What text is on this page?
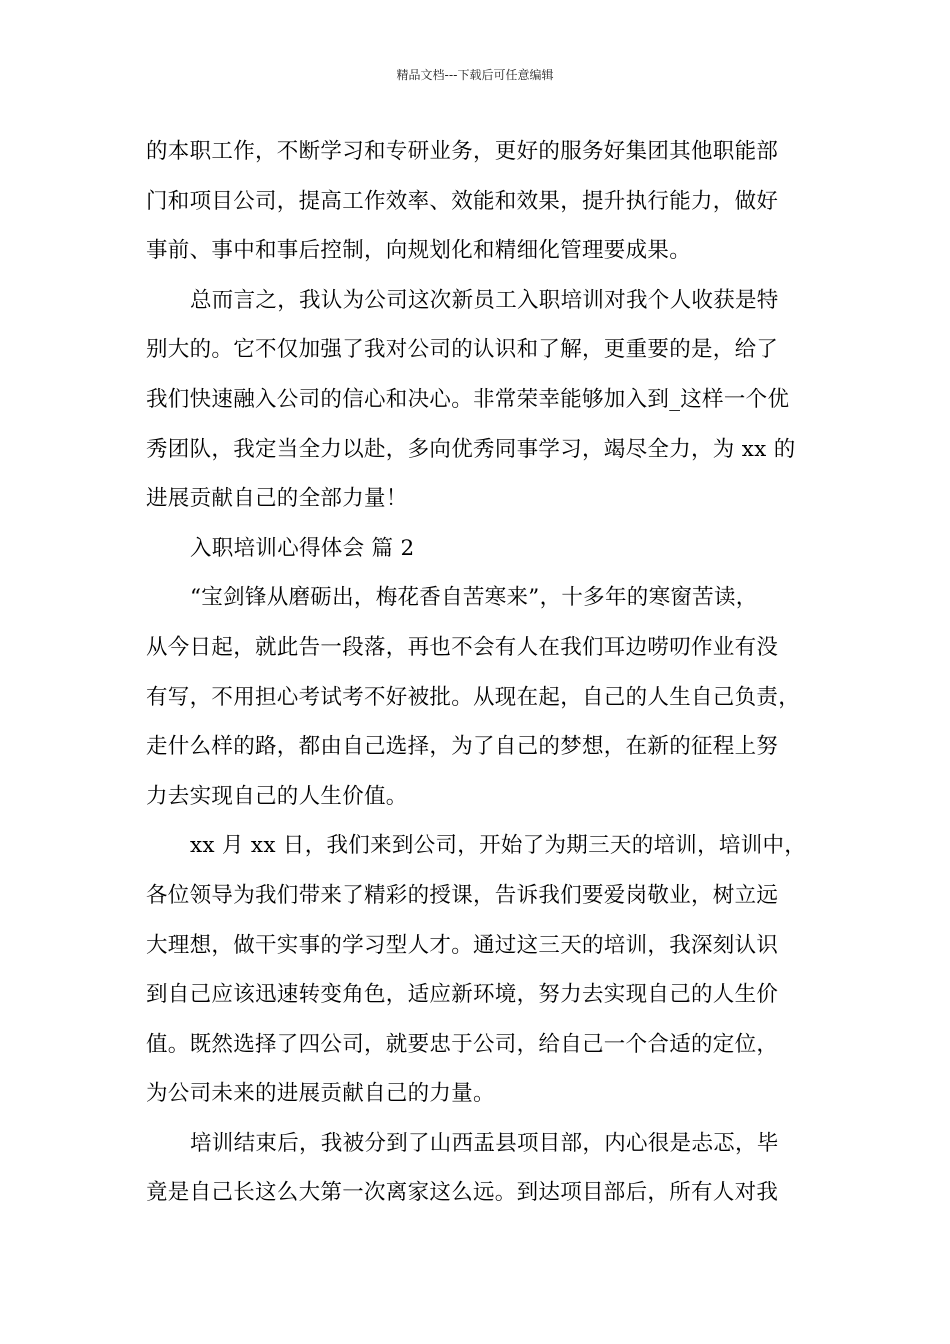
精品文档---下载后可任意编辑
的本职工作，不断学习和专研业务，更好的服务好集团其他职能部
门和项目公司，提高工作效率、效能和效果，提升执行能力，做好
事前、事中和事后控制，向规划化和精细化管理要成果。
总而言之，我认为公司这次新员工入职培训对我个人收获是特
别大的。它不仅加强了我对公司的认识和了解，更重要的是，给了
我们快速融入公司的信心和决心。非常荣幸能够加入到_这样一个优
秀团队，我定当全力以赴，多向优秀同事学习，竭尽全力，为 xx 的
进展贡献自己的全部力量！
入职培训心得体会 篇 2
“宝剑锋从磨砺出，梅花香自苦寒来”，十多年的寒窗苦读，
从今日起，就此告一段落，再也不会有人在我们耳边唠叨作业有没
有写，不用担心考试考不好被批。从现在起，自己的人生自己负责，
走什么样的路，都由自己选择，为了自己的梦想，在新的征程上努
力去实现自己的人生价值。
xx 月 xx 日，我们来到公司，开始了为期三天的培训，培训中，
各位领导为我们带来了精彩的授课，告诉我们要爱岗敬业，树立远
大理想，做干实事的学习型人才。通过这三天的培训，我深刻认识
到自己应该迅速转变角色，适应新环境，努力去实现自己的人生价
值。既然选择了四公司，就要忠于公司，给自己一个合适的定位，
为公司未来的进展贡献自己的力量。
培训结束后，我被分到了山西盂县项目部，内心很是忐忑，毕
竟是自己长这么大第一次离家这么远。到达项目部后，所有人对我
